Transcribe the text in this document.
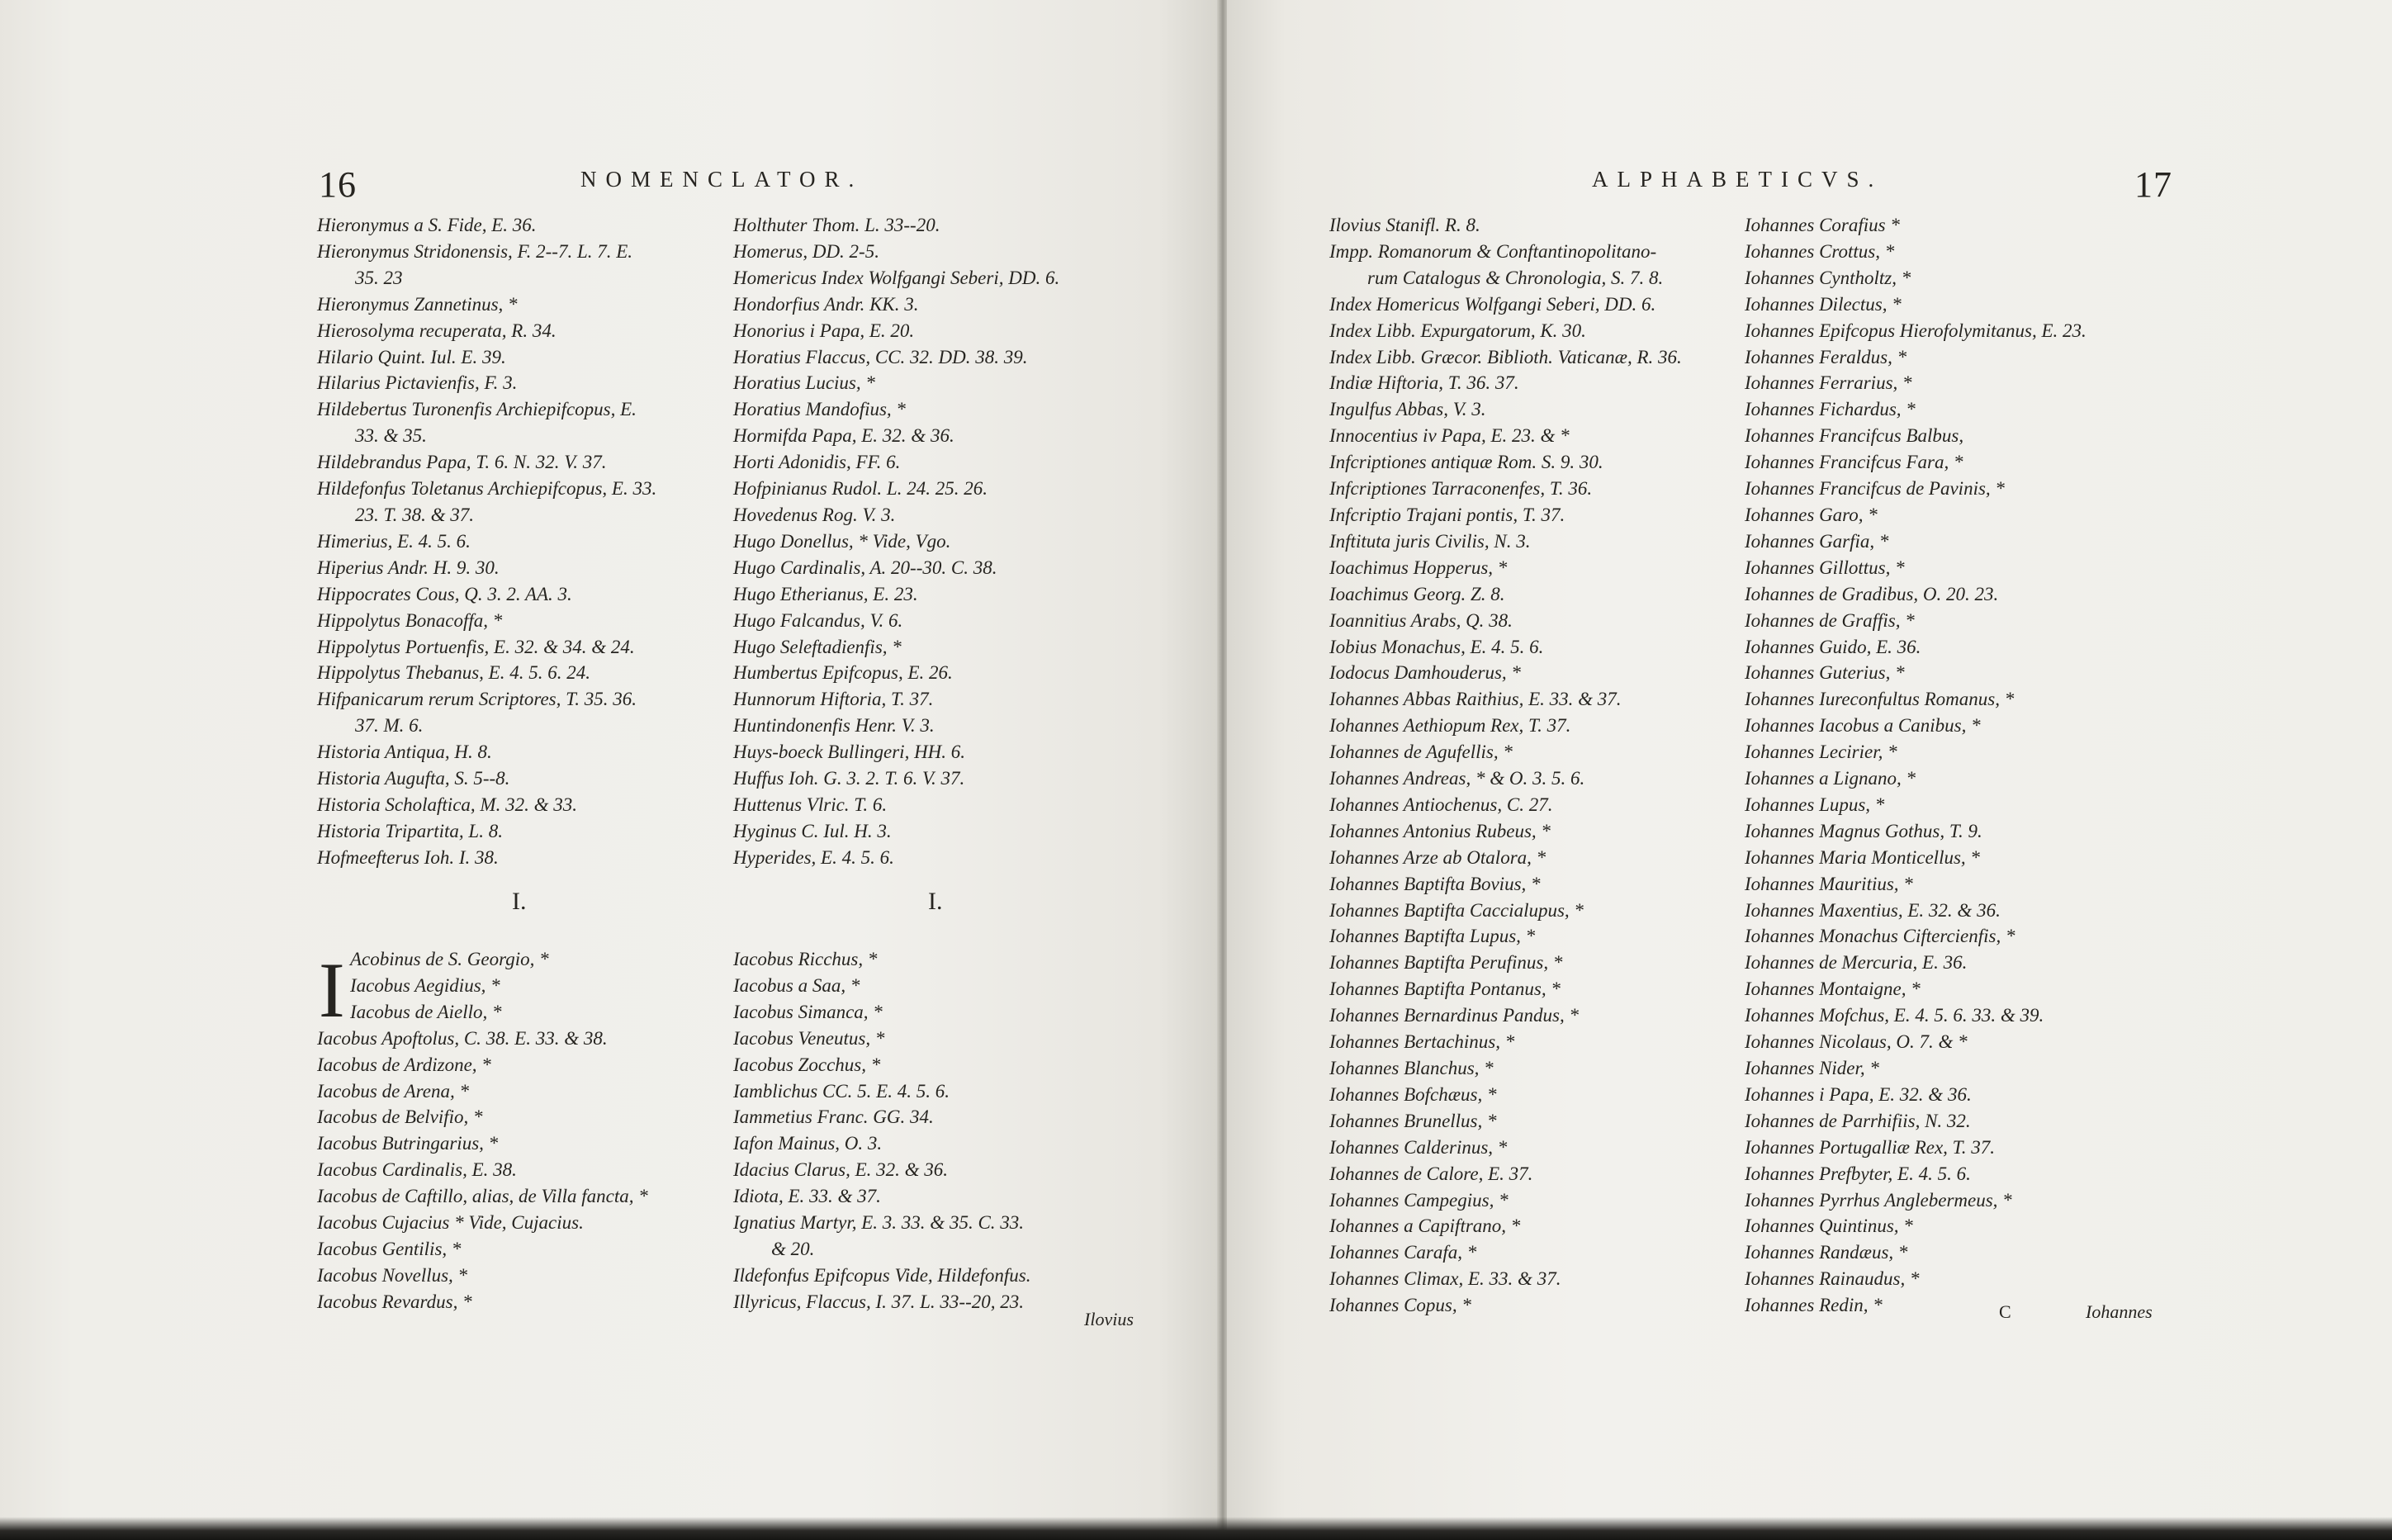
16	NOMENCLATOR.
Hieronymus a S. Fide, E. 36.
Hieronymus Stridonensis, F. 2--7. L. 7. E.
35. 23
Hieronymus Zannetinus, *
Hierosolyma recuperata, R. 34.
Hilario Quint. Iul. E. 39.
Hilarius Pictavienfis, F. 3.
Hildebertus Turonenfis Archiepifcopus, E.
33. & 35.
Hildebrandus Papa, T. 6. N. 32. V. 37.
Hildefonfus Toletanus Archiepifcopus, E. 33.
23. T. 38. & 37.
Himerius, E. 4. 5. 6.
Hiperius Andr. H. 9. 30.
Hippocrates Cous, Q. 3. 2. AA. 3.
Hippolytus Bonacoffa, *
Hippolytus Portuenfis, E. 32. & 34. & 24.
Hippolytus Thebanus, E. 4. 5. 6. 24.
Hifpanicarum rerum Scriptores, T. 35. 36.
37. M. 6.
Historia Antiqua, H. 8.
Historia Augufta, S. 5--8.
Historia Scholaftica, M. 32. & 33.
Historia Tripartita, L. 8.
Hofmeefterus Ioh. I. 38.
Holthuter Thom. L. 33--20.
Homerus, DD. 2-5.
Homericus Index Wolfgangi Seberi, DD. 6.
Hondorfius Andr. KK. 3.
Honorius i Papa, E. 20.
Horatius Flaccus, CC. 32. DD. 38. 39.
Horatius Lucius, *
Horatius Mandofius, *
Hormifda Papa, E. 32. & 36.
Horti Adonidis, FF. 6.
Hofpinianus Rudol. L. 24. 25. 26.
Hovedenus Rog. V. 3.
Hugo Donellus, * Vide, Vgo.
Hugo Cardinalis, A. 20--30. C. 38.
Hugo Etherianus, E. 23.
Hugo Falcandus, V. 6.
Hugo Seleftadienfis, *
Humbertus Epifcopus, E. 26.
Hunnorum Hiftoria, T. 37.
Huntindonenfis Henr. V. 3.
Huys-boeck Bullingeri, HH. 6.
Huffus Ioh. G. 3. 2. T. 6. V. 37.
Huttenus Vlric. T. 6.
Hyginus C. Iul. H. 3.
Hyperides, E. 4. 5. 6.
I.	I.
I Acobinus de S. Georgio, *
Iacobus Aegidius, *
Iacobus de Aiello, *
Iacobus Apoftolus, C. 38. E. 33. & 38.
Iacobus de Ardizone, *
Iacobus de Arena, *
Iacobus de Belvifio, *
Iacobus Butringarius, *
Iacobus Cardinalis, E. 38.
Iacobus de Caftillo, alias, de Villa fancta, *
Iacobus Cujacius * Vide, Cujacius.
Iacobus Gentilis, *
Iacobus Novellus, *
Iacobus Revardus, *
Iacobus Ricchus, *
Iacobus a Saa, *
Iacobus Simanca, *
Iacobus Veneutus, *
Iacobus Zocchus, *
Iamblichus CC. 5. E. 4. 5. 6.
Iammetius Franc. GG. 34.
Iafon Mainus, O. 3.
Idacius Clarus, E. 32. & 36.
Idiota, E. 33. & 37.
Ignatius Martyr, E. 3. 33. & 35. C. 33.
& 20.
Ildefonfus Epifcopus Vide, Hildefonfus.
Illyricus, Flaccus, I. 37. L. 33--20, 23.
Ilovius
ALPHABETICVS.	17
Ilovius Stanifl. R. 8.
Impp. Romanorum & Conftantinopolitano-
rum Catalogus & Chronologia, S. 7. 8.
Index Homericus Wolfgangi Seberi, DD. 6.
Index Libb. Expurgatorum, K. 30.
Index Libb. Græcor. Biblioth. Vaticanæ, R. 36.
Indiæ Hiftoria, T. 36. 37.
Ingulfus Abbas, V. 3.
Innocentius iv Papa, E. 23. & *
Infcriptiones antiquæ Rom. S. 9. 30.
Infcriptiones Tarraconenfes, T. 36.
Infcriptio Trajani pontis, T. 37.
Inftituta juris Civilis, N. 3.
Ioachimus Hopperus, *
Ioachimus Georg. Z. 8.
Ioannitius Arabs, Q. 38.
Iobius Monachus, E. 4. 5. 6.
Iodocus Damhouderus, *
Iohannes Abbas Raithius, E. 33. & 37.
Iohannes Aethiopum Rex, T. 37.
Iohannes de Agufellis, *
Iohannes Andreas, * & O. 3. 5. 6.
Iohannes Antiochenus, C. 27.
Iohannes Antonius Rubeus, *
Iohannes Arze ab Otalora, *
Iohannes Baptifta Bovius, *
Iohannes Baptifta Caccialupus, *
Iohannes Baptifta Lupus, *
Iohannes Baptifta Perufinus, *
Iohannes Baptifta Pontanus, *
Iohannes Bernardinus Pandus, *
Iohannes Bertachinus, *
Iohannes Blanchus, *
Iohannes Bofchæus, *
Iohannes Brunellus, *
Iohannes Calderinus, *
Iohannes de Calore, E. 37.
Iohannes Campegius, *
Iohannes a Capiftrano, *
Iohannes Carafa, *
Iohannes Climax, E. 33. & 37.
Iohannes Copus, *
Iohannes Corafius *
Iohannes Crottus, *
Iohannes Cyntholtz, *
Iohannes Dilectus, *
Iohannes Epifcopus Hierofolymitanus, E. 23.
Iohannes Feraldus, *
Iohannes Ferrarius, *
Iohannes Fichardus, *
Iohannes Francifcus Balbus,
Iohannes Francifcus Fara, *
Iohannes Francifcus de Pavinis, *
Iohannes Garo, *
Iohannes Garfia, *
Iohannes Gillottus, *
Iohannes de Gradibus, O. 20. 23.
Iohannes de Graffis, *
Iohannes Guido, E. 36.
Iohannes Guterius, *
Iohannes Iureconfultus Romanus, *
Iohannes Iacobus a Canibus, *
Iohannes Lecirier, *
Iohannes a Lignano, *
Iohannes Lupus, *
Iohannes Magnus Gothus, T. 9.
Iohannes Maria Monticellus, *
Iohannes Mauritius, *
Iohannes Maxentius, E. 32. & 36.
Iohannes Monachus Ciftercienfis, *
Iohannes de Mercuria, E. 36.
Iohannes Montaigne, *
Iohannes Mofchus, E. 4. 5. 6. 33. & 39.
Iohannes Nicolaus, O. 7. & *
Iohannes Nider, *
Iohannes i Papa, E. 32. & 36.
Iohannes de Parrhifiis, N. 32.
Iohannes Portugalliæ Rex, T. 37.
Iohannes Prefbyter, E. 4. 5. 6.
Iohannes Pyrrhus Anglebermeus, *
Iohannes Quintinus, *
Iohannes Randæus, *
Iohannes Rainaudus, *
Iohannes Redin, *	C	Iohannes
